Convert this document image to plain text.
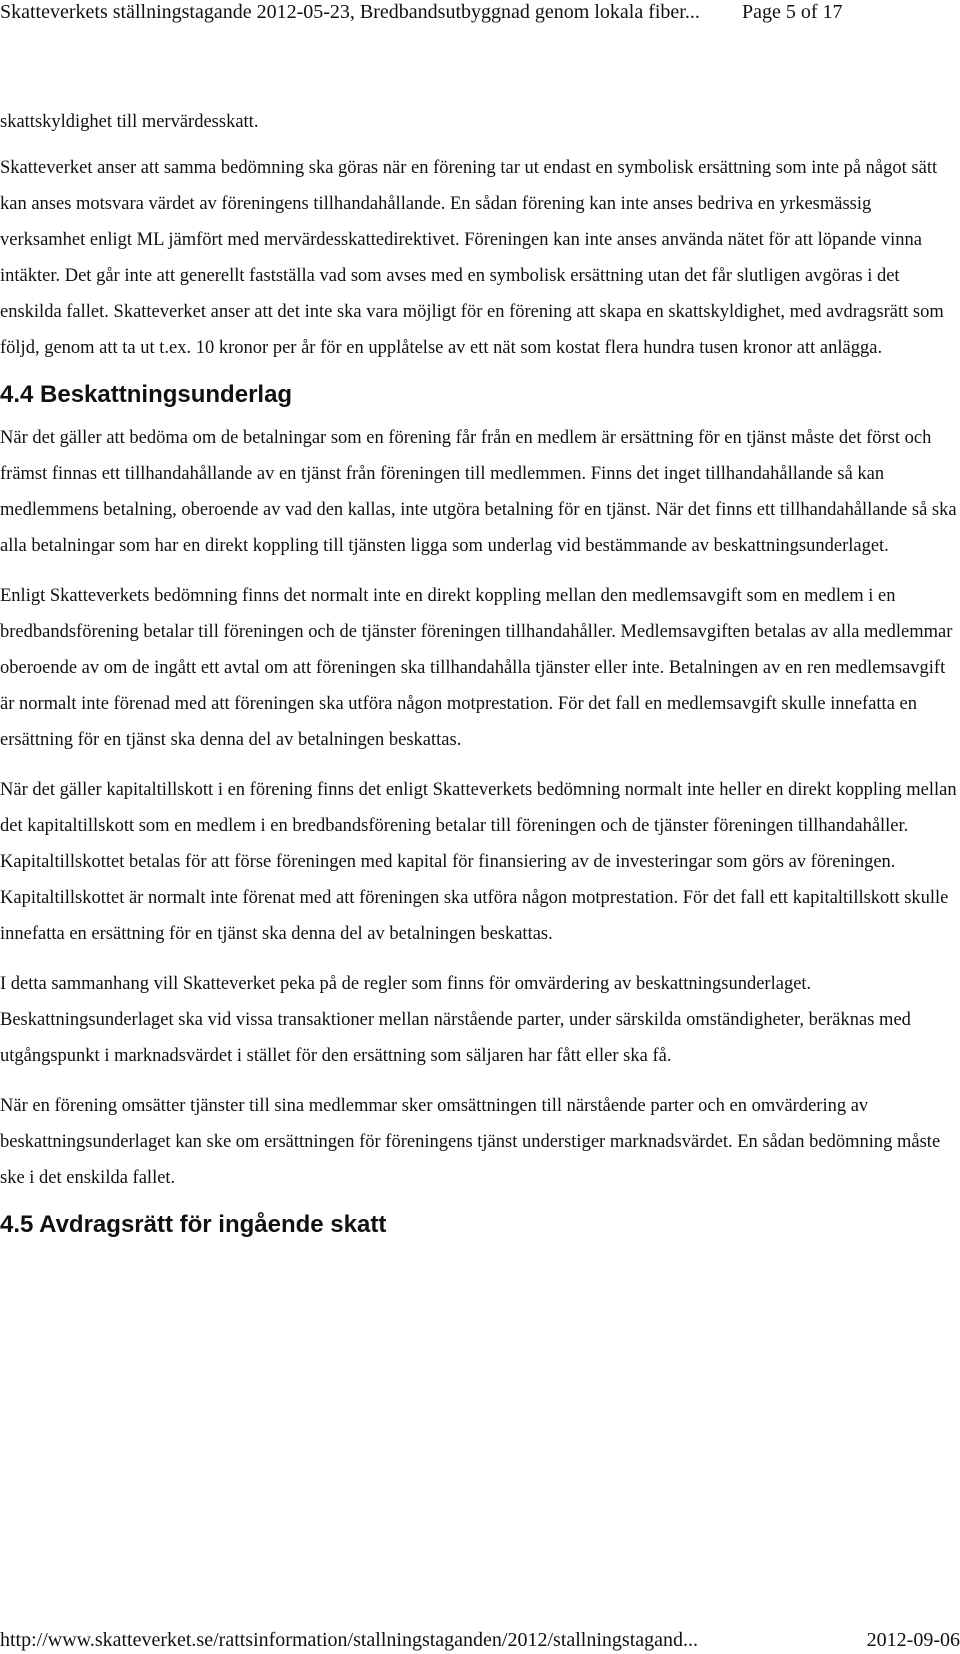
Skatteverkets ställningstagande 2012-05-23, Bredbandsutbyggnad genom lokala fiber... Page 5 of 17

skattskyldighet till mervärdesskatt.

Skatteverket anser att samma bedömning ska göras när en förening tar ut endast en symbolisk ersättning som inte på något sätt kan anses motsvara värdet av föreningens tillhandahållande. En sådan förening kan inte anses bedriva en yrkesmässig verksamhet enligt ML jämfört med mervärdesskattedirektivet. Föreningen kan inte anses använda nätet för att löpande vinna intäkter. Det går inte att generellt fastställa vad som avses med en symbolisk ersättning utan det får slutligen avgöras i det enskilda fallet. Skatteverket anser att det inte ska vara möjligt för en förening att skapa en skattskyldighet, med avdragsrätt som följd, genom att ta ut t.ex. 10 kronor per år för en upplåtelse av ett nät som kostat flera hundra tusen kronor att anlägga.

4.4 Beskattningsunderlag

När det gäller att bedöma om de betalningar som en förening får från en medlem är ersättning för en tjänst måste det först och främst finnas ett tillhandahållande av en tjänst från föreningen till medlemmen. Finns det inget tillhandahållande så kan medlemmens betalning, oberoende av vad den kallas, inte utgöra betalning för en tjänst. När det finns ett tillhandahållande så ska alla betalningar som har en direkt koppling till tjänsten ligga som underlag vid bestämmande av beskattningsunderlaget.

Enligt Skatteverkets bedömning finns det normalt inte en direkt koppling mellan den medlemsavgift som en medlem i en bredbandsförening betalar till föreningen och de tjänster föreningen tillhandahåller. Medlemsavgiften betalas av alla medlemmar oberoende av om de ingått ett avtal om att föreningen ska tillhandahålla tjänster eller inte. Betalningen av en ren medlemsavgift är normalt inte förenad med att föreningen ska utföra någon motprestation. För det fall en medlemsavgift skulle innefatta en ersättning för en tjänst ska denna del av betalningen beskattas.

När det gäller kapitaltillskott i en förening finns det enligt Skatteverkets bedömning normalt inte heller en direkt koppling mellan det kapitaltillskott som en medlem i en bredbandsförening betalar till föreningen och de tjänster föreningen tillhandahåller. Kapitaltillskottet betalas för att förse föreningen med kapital för finansiering av de investeringar som görs av föreningen. Kapitaltillskottet är normalt inte förenat med att föreningen ska utföra någon motprestation. För det fall ett kapitaltillskott skulle innefatta en ersättning för en tjänst ska denna del av betalningen beskattas.

I detta sammanhang vill Skatteverket peka på de regler som finns för omvärdering av beskattningsunderlaget. Beskattningsunderlaget ska vid vissa transaktioner mellan närstående parter, under särskilda omständigheter, beräknas med utgångspunkt i marknadsvärdet i stället för den ersättning som säljaren har fått eller ska få.

När en förening omsätter tjänster till sina medlemmar sker omsättningen till närstående parter och en omvärdering av beskattningsunderlaget kan ske om ersättningen för föreningens tjänst understiger marknadsvärdet. En sådan bedömning måste ske i det enskilda fallet.

4.5 Avdragsrätt för ingående skatt
http://www.skatteverket.se/rattsinformation/stallningstaganden/2012/stallningstagand...	2012-09-06
